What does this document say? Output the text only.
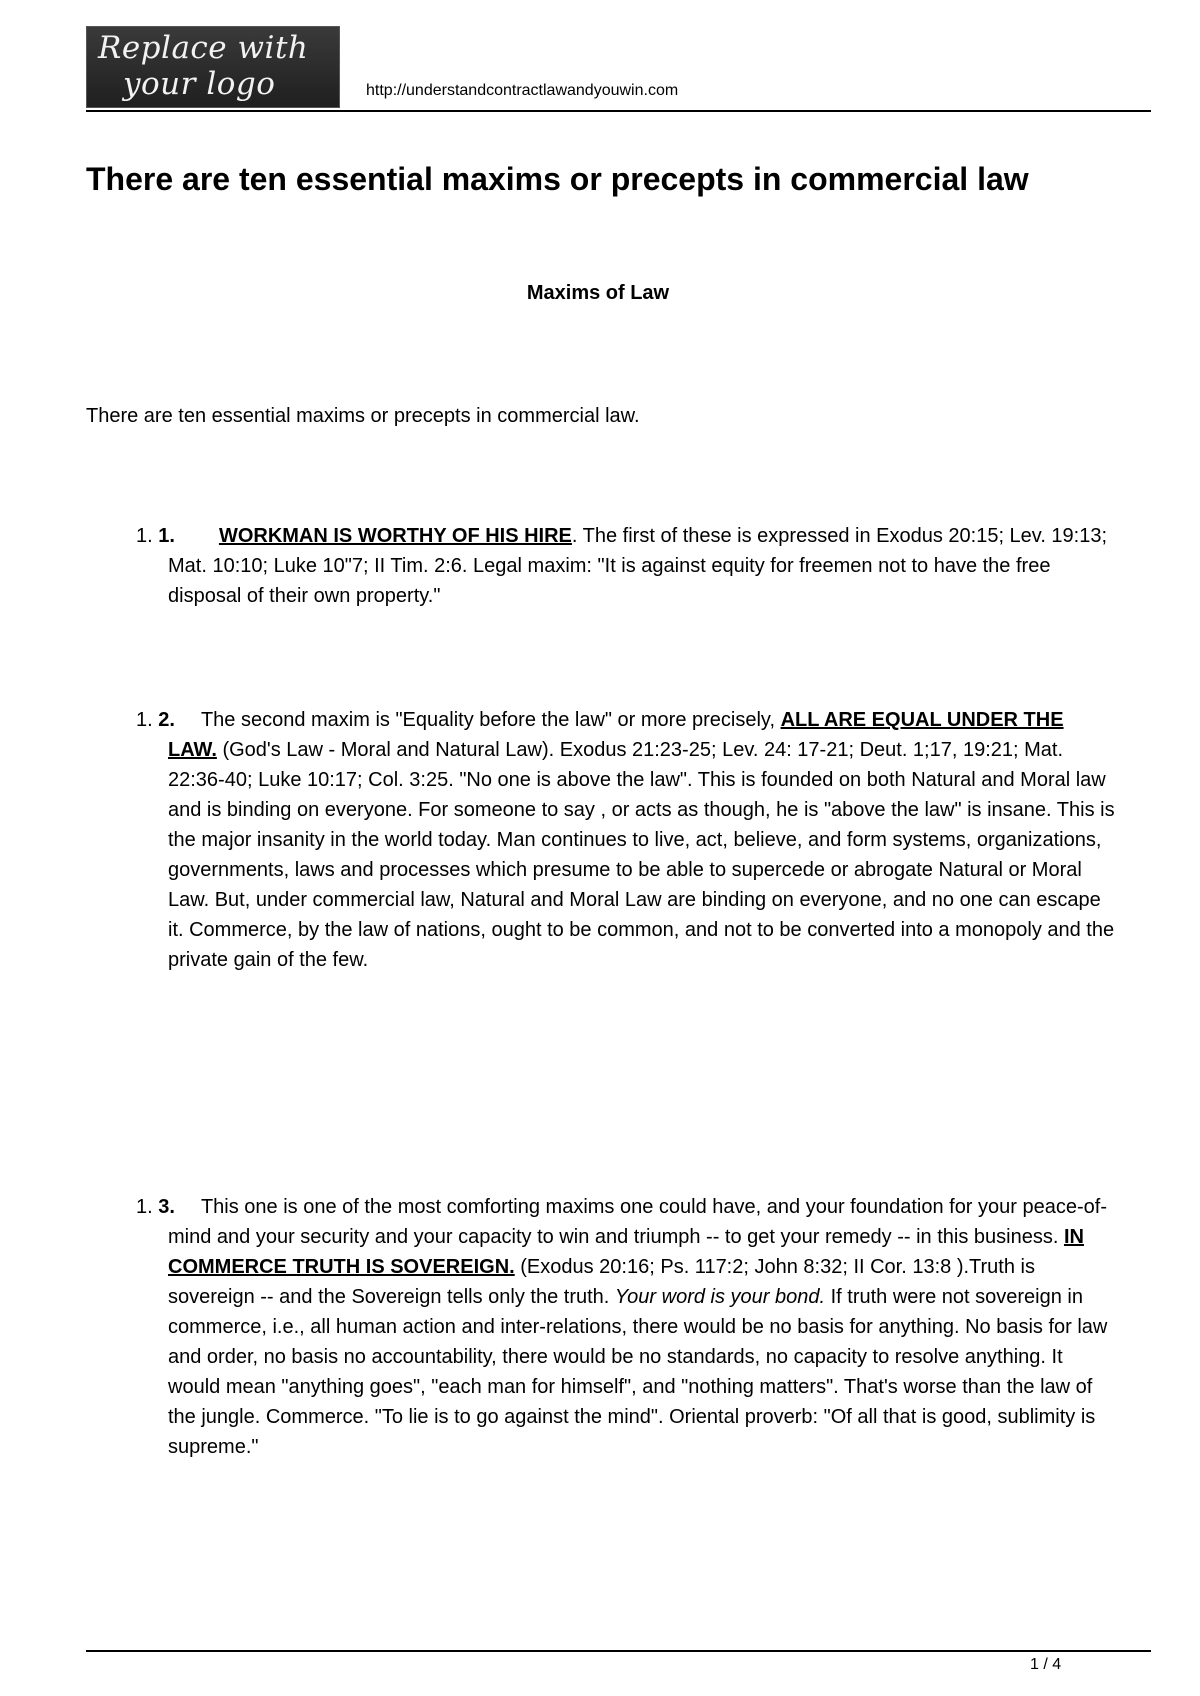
Replace with
your logo	http://understandcontractlawandyouwin.com
There are ten essential maxims or precepts in commercial law

Maxims of Law

There are ten essential maxims or precepts in commercial law.

1. 1. WORKMAN IS WORTHY OF HIS HIRE. The first of these is expressed in Exodus 20:15; Lev. 19:13; Mat. 10:10; Luke 10"7; II Tim. 2:6. Legal maxim: "It is against equity for freemen not to have the free disposal of their own property."

1. 2. The second maxim is "Equality before the law" or more precisely, ALL ARE EQUAL UNDER THE LAW. (God's Law - Moral and Natural Law). Exodus 21:23-25; Lev. 24: 17-21; Deut. 1;17, 19:21; Mat. 22:36-40; Luke 10:17; Col. 3:25. "No one is above the law". This is founded on both Natural and Moral law and is binding on everyone. For someone to say , or acts as though, he is "above the law" is insane. This is the major insanity in the world today. Man continues to live, act, believe, and form systems, organizations, governments, laws and processes which presume to be able to supercede or abrogate Natural or Moral Law. But, under commercial law, Natural and Moral Law are binding on everyone, and no one can escape it. Commerce, by the law of nations, ought to be common, and not to be converted into a monopoly and the private gain of the few.

1. 3. This one is one of the most comforting maxims one could have, and your foundation for your peace-of-mind and your security and your capacity to win and triumph -- to get your remedy -- in this business. IN COMMERCE TRUTH IS SOVEREIGN. (Exodus 20:16; Ps. 117:2; John 8:32; II Cor. 13:8 ).Truth is sovereign -- and the Sovereign tells only the truth. Your word is your bond. If truth were not sovereign in commerce, i.e., all human action and inter-relations, there would be no basis for anything. No basis for law and order, no basis no accountability, there would be no standards, no capacity to resolve anything. It would mean "anything goes", "each man for himself", and "nothing matters". That's worse than the law of the jungle. Commerce. "To lie is to go against the mind". Oriental proverb: "Of all that is good, sublimity is supreme."

1 / 4
